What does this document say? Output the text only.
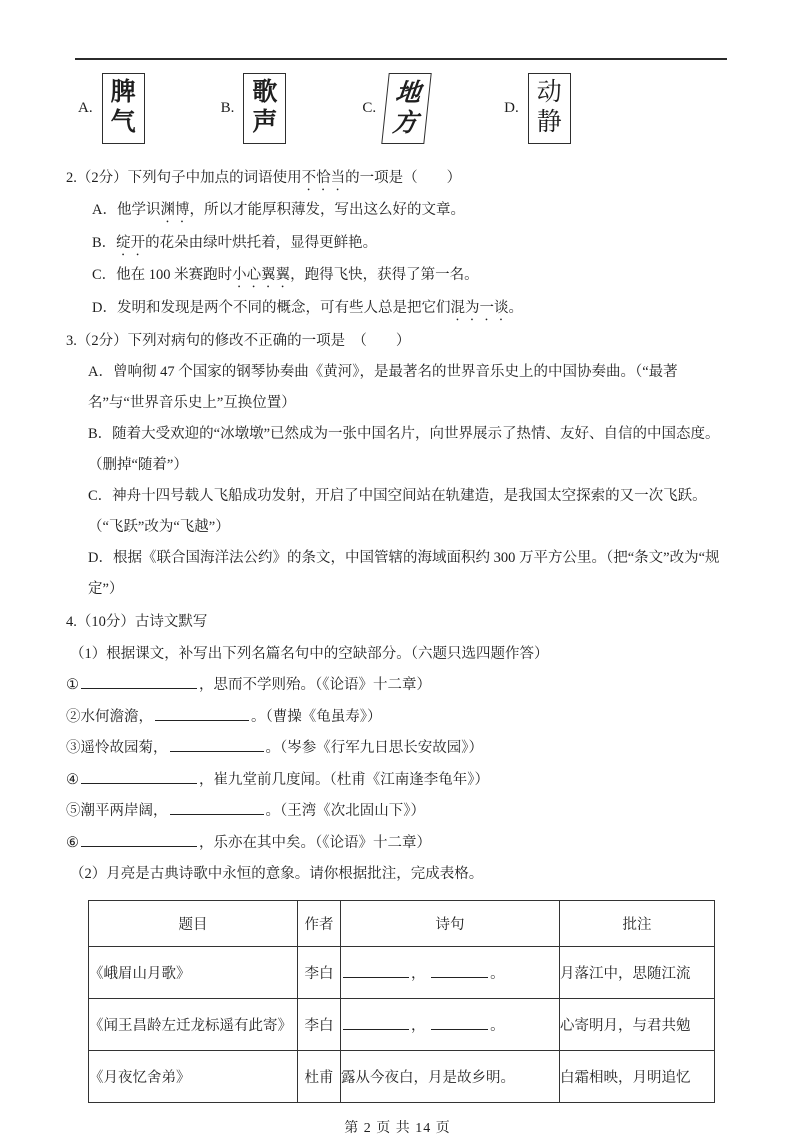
A.
脾
气
B.
歌
声
C.
地
方
D.
动
静

2.（2分）下列句子中加点的词语使用不恰当的一项是（　　）

A．他学识渊博，所以才能厚积薄发，写出这么好的文章。

B．绽开的花朵由绿叶烘托着，显得更鲜艳。

C．他在 100 米赛跑时小心翼翼，跑得飞快，获得了第一名。

D．发明和发现是两个不同的概念，可有些人总是把它们混为一谈。

3.（2分）下列对病句的修改不正确的一项是　（　　）

A．曾响彻 47 个国家的钢琴协奏曲《黄河》，是最著名的世界音乐史上的中国协奏曲。（“最著名”与“世界音乐史上”互换位置）

B．随着大受欢迎的“冰墩墩”已然成为一张中国名片，向世界展示了热情、友好、自信的中国态度。（删掉“随着”）

C．神舟十四号载人飞船成功发射，开启了中国空间站在轨建造，是我国太空探索的又一次飞跃。（“飞跃”改为“飞越”）

D．根据《联合国海洋法公约》的条文，中国管辖的海域面积约 300 万平方公里。（把“条文”改为“规定”）

4.（10分）古诗文默写

（1）根据课文，补写出下列名篇名句中的空缺部分。（六题只选四题作答）

①	，思而不学则殆。（《论语》十二章）

②水何澹澹，	。（曹操《龟虽寿》）

③遥怜故园菊，	。（岑参《行军九日思长安故园》）

④	，崔九堂前几度闻。（杜甫《江南逢李龟年》）

⑤潮平两岸阔，	。（王湾《次北固山下》）

⑥	，乐亦在其中矣。（《论语》十二章）

（2）月亮是古典诗歌中永恒的意象。请你根据批注，完成表格。

题目	作者	诗句	批注
《峨眉山月歌》	李白	， 。	月落江中，思随江流
《闻王昌龄左迁龙标遥有此寄》	李白	， 。	心寄明月，与君共勉
《月夜忆舍弟》	杜甫	露从今夜白，月是故乡明。	白霜相映，月明追忆
第 2 页 共 14 页
